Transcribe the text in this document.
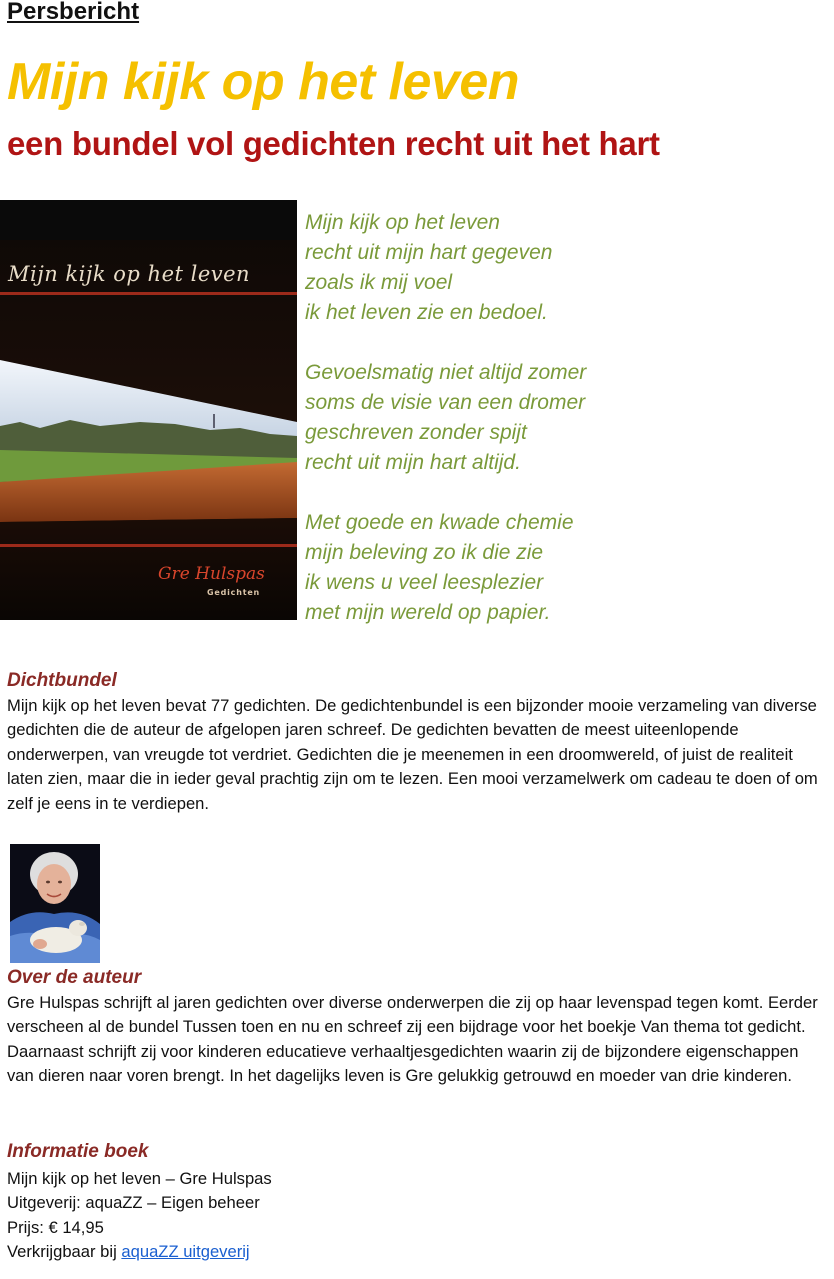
Persbericht

Mijn kijk op het leven
een bundel vol gedichten recht uit het hart
Mijn kijk op het leven
Gre Hulspas
Gedichten

Mijn kijk op het leven
recht uit mijn hart gegeven
zoals ik mij voel
ik het leven zie en bedoel.

Gevoelsmatig niet altijd zomer
soms de visie van een dromer
geschreven zonder spijt
recht uit mijn hart altijd.

Met goede en kwade chemie
mijn beleving zo ik die zie
ik wens u veel leesplezier
met mijn wereld op papier.

Dichtbundel

Mijn kijk op het leven bevat 77 gedichten. De gedichtenbundel is een bijzonder mooie verzameling van diverse gedichten die de auteur de afgelopen jaren schreef. De gedichten bevatten de meest uiteenlopende onderwerpen, van vreugde tot verdriet. Gedichten die je meenemen in een droomwereld, of juist de realiteit laten zien, maar die in ieder geval prachtig zijn om te lezen. Een mooi verzamelwerk om cadeau te doen of om zelf je eens in te verdiepen.

Over de auteur

Gre Hulspas schrijft al jaren gedichten over diverse onderwerpen die zij op haar levenspad tegen komt. Eerder verscheen al de bundel Tussen toen en nu en schreef zij een bijdrage voor het boekje Van thema tot gedicht. Daarnaast schrijft zij voor kinderen educatieve verhaaltjesgedichten waarin zij de bijzondere eigenschappen van dieren naar voren brengt. In het dagelijks leven is Gre gelukkig getrouwd en moeder van drie kinderen.

Informatie boek
Mijn kijk op het leven – Gre Hulspas
Uitgeverij: aquaZZ – Eigen beheer
Prijs: € 14,95
Verkrijgbaar bij aquaZZ uitgeverij
